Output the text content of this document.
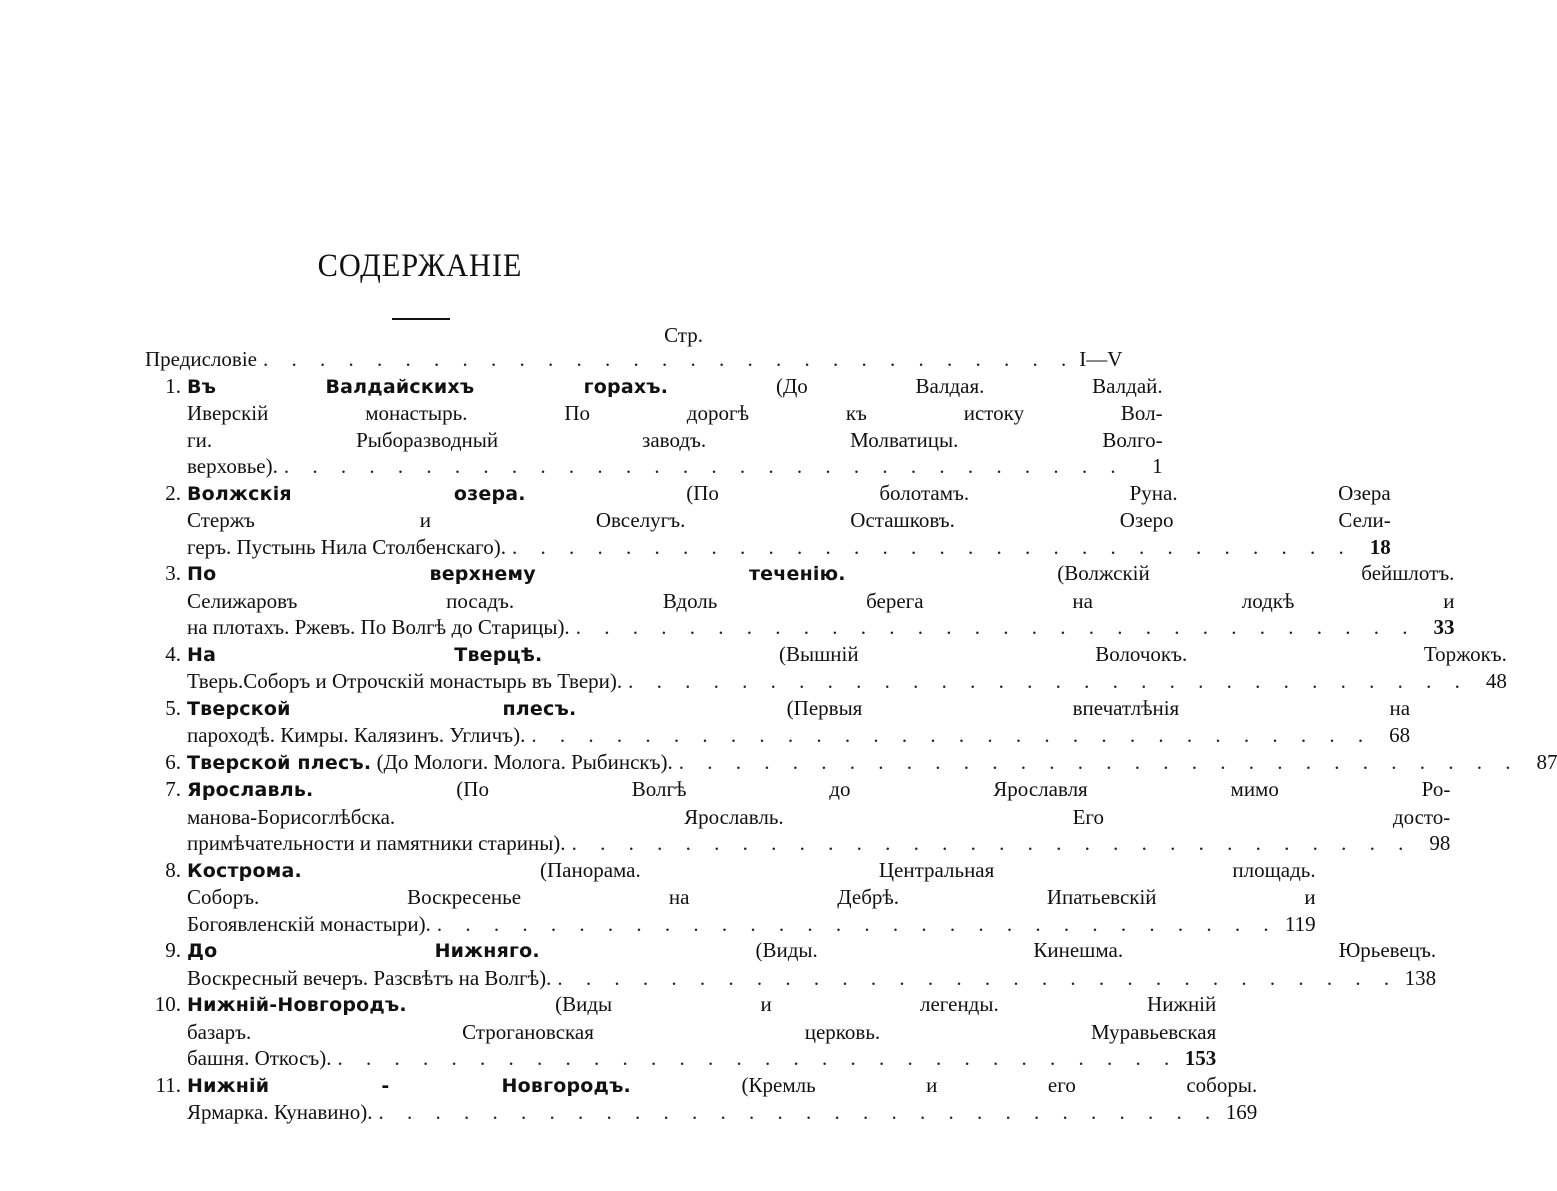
СОДЕРЖАНІЕ
Стр.
Предисловіе . . . . . . . . . . . . . . . . . . . . . . . . . . . . . I—V
1. Въ Валдайскихъ горахъ. (До Валдая. Валдай.
Иверскій монастырь. По дорогѣ къ истоку Вол-
ги. Рыборазводный заводъ. Молватицы. Волго-
верховье). . . . . . . . . . . . . . . . . . . . . . . . . . . . . . .	1
2. Волжскія озера. (По болотамъ. Руна. Озера
Стержъ и Овселугъ. Осташковъ. Озеро Сели-
геръ. Пустынь Нила Столбенскаго). . . . . . . . . . . . . . . . . . . . . . . . . . . . . . . 18
3. По верхнему теченію. (Волжскій бейшлотъ.
Селижаровъ посадъ. Вдоль берега на лодкѣ и
на плотахъ. Ржевъ. По Волгѣ до Старицы). . . . . . . . . . . . . . . . . . . . . . . . . . . . . . . 33
4. На Тверцѣ. (Вышній Волочокъ. Торжокъ.
Тверь.Соборъ и Отрочскій монастырь въ Твери). . . . . . . . . . . . . . . . . . . . . . . . . . . . . . . 48
5. Тверской плесъ. (Первыя впечатлѣнія на
пароходѣ. Кимры. Калязинъ. Угличъ). . . . . . . . . . . . . . . . . . . . . . . . . . . . . . . 68
6. Тверской плесъ. (До Мологи. Молога. Рыбинскъ). . . . . . . . . . . . . . . . . . . . . . . . . . . . . . . 87
7. Ярославль. (По Волгѣ до Ярославля мимо Ро-
манова-Борисоглѣбска. Ярославль. Его досто-
примѣчательности и памятники старины). . . . . . . . . . . . . . . . . . . . . . . . . . . . . . . 98
8. Кострома. (Панорама. Центральная площадь.
Соборъ. Воскресенье на Дебрѣ. Ипатьевскій и
Богоявленскій монастыри). . . . . . . . . . . . . . . . . . . . . . . . . . . . . . . 119
9. До Нижняго. (Виды. Кинешма. Юрьевецъ.
Воскресный вечеръ. Разсвѣтъ на Волгѣ). . . . . . . . . . . . . . . . . . . . . . . . . . . . . . . 138
10. Нижній-Новгородъ. (Виды и легенды. Нижній
базаръ. Строгановская церковь. Муравьевская
башня. Откосъ). . . . . . . . . . . . . . . . . . . . . . . . . . . . . . . 153
11. Нижній - Новгородъ. (Кремль и его соборы.
Ярмарка. Кунавино). . . . . . . . . . . . . . . . . . . . . . . . . . . . . . . 169
